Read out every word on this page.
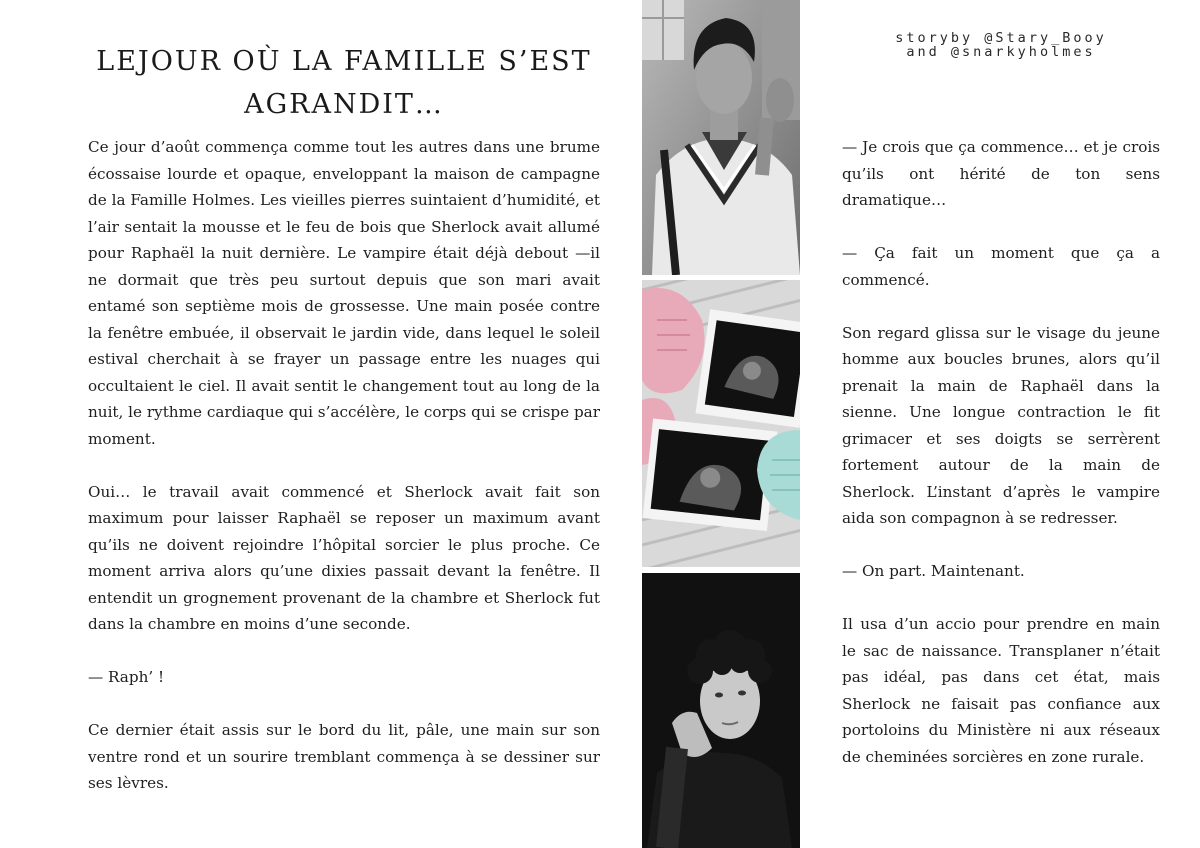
LEJOUR OÙ LA FAMILLE S’EST AGRANDIT…

Ce jour d’août commença comme tout les autres dans une brume écossaise lourde et opaque, enveloppant la maison de campagne de la Famille Holmes. Les vieilles pierres suintaient d’humidité, et l’air sentait la mousse et le feu de bois que Sherlock avait allumé pour Raphaël la nuit dernière. Le vampire était déjà debout —il ne dormait que très peu surtout depuis que son mari avait entamé son septième mois de grossesse. Une main posée contre la fenêtre embuée, il observait le jardin vide, dans lequel le soleil estival cherchait à se frayer un passage entre les nuages qui occultaient le ciel. Il avait sentit le changement tout au long de la nuit, le rythme cardiaque qui s’accélère, le corps qui se crispe par moment.

Oui… le travail avait commencé et Sherlock avait fait son maximum pour laisser Raphaël se reposer un maximum avant qu’ils ne doivent rejoindre l’hôpital sorcier le plus proche. Ce moment arriva alors qu’une dixies passait devant la fenêtre. Il entendit un grognement provenant de la chambre et Sherlock fut dans la chambre en moins d’une seconde.

— Raph’ !

Ce dernier était assis sur le bord du lit, pâle, une main sur son ventre rond et un sourire tremblant commença à se dessiner sur ses lèvres.

storyby @Stary_Booy
and @snarkyholmes

— Je crois que ça commence… et je crois qu’ils ont hérité de ton sens dramatique…

— Ça fait un moment que ça a commencé.

Son regard glissa sur le visage du jeune homme aux boucles brunes, alors qu’il prenait la main de Raphaël dans la sienne. Une longue contraction le fit grimacer et ses doigts se serrèrent fortement autour de la main de Sherlock. L’instant d’après le vampire aida son compagnon à se redresser.

— On part. Maintenant.

Il usa d’un accio pour prendre en main le sac de naissance. Transplaner n’était pas idéal, pas dans cet état, mais Sherlock ne faisait pas confiance aux portoloins du Ministère ni aux réseaux de cheminées sorcières en zone rurale.
